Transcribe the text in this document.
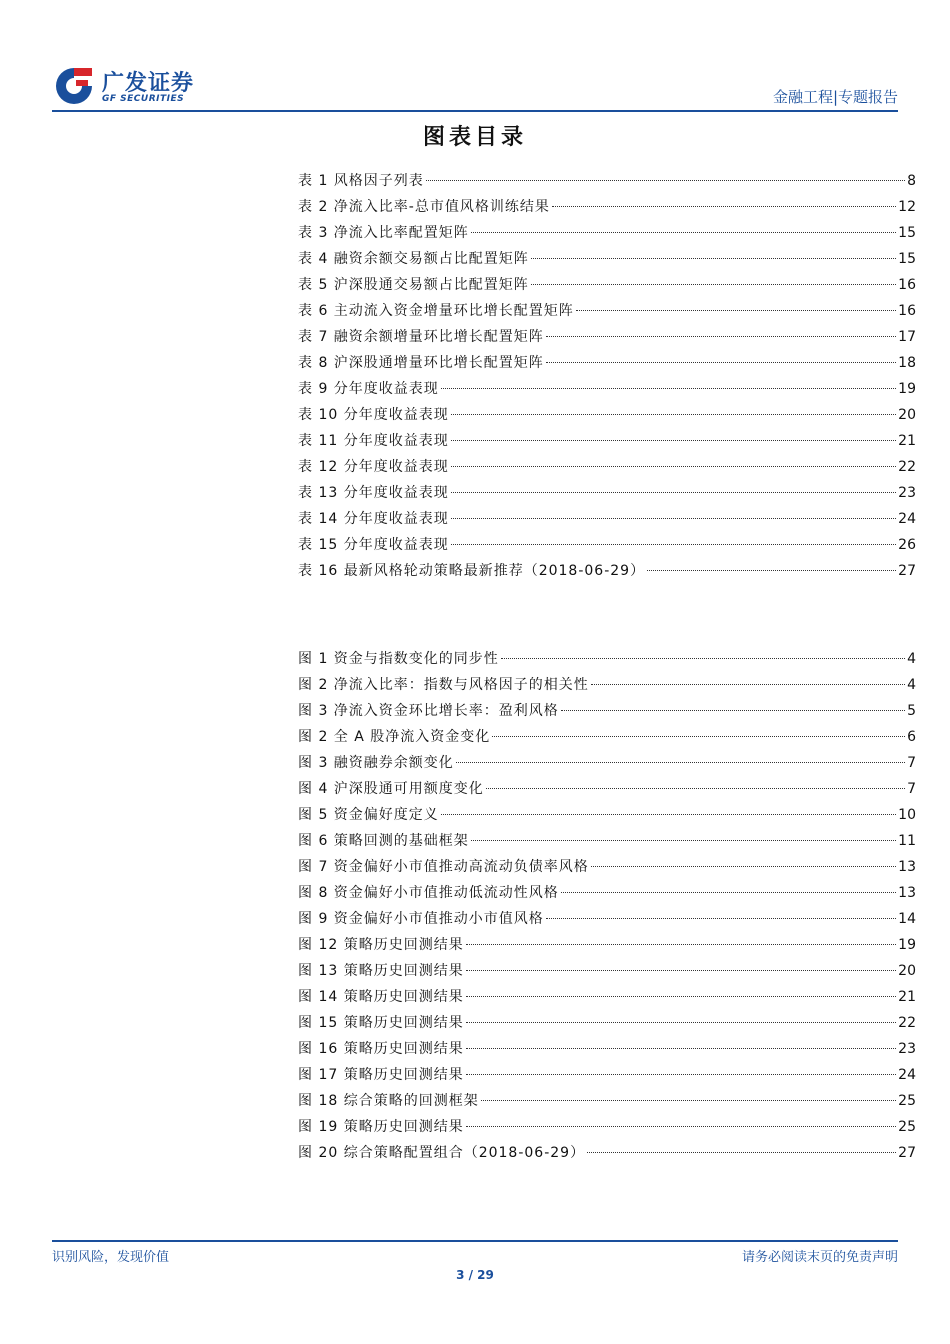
广发证券
GF SECURITIES	金融工程|专题报告
图表目录
表 1 风格因子列表	8
表 2 净流入比率-总市值风格训练结果	12
表 3 净流入比率配置矩阵	15
表 4 融资余额交易额占比配置矩阵	15
表 5 沪深股通交易额占比配置矩阵	16
表 6 主动流入资金增量环比增长配置矩阵	16
表 7 融资余额增量环比增长配置矩阵	17
表 8 沪深股通增量环比增长配置矩阵	18
表 9 分年度收益表现	19
表 10 分年度收益表现	20
表 11 分年度收益表现	21
表 12 分年度收益表现	22
表 13 分年度收益表现	23
表 14 分年度收益表现	24
表 15 分年度收益表现	26
表 16 最新风格轮动策略最新推荐（2018-06-29）	27
图 1 资金与指数变化的同步性	4
图 2 净流入比率：指数与风格因子的相关性	4
图 3 净流入资金环比增长率：盈利风格	5
图 2 全 A 股净流入资金变化	6
图 3 融资融券余额变化	7
图 4 沪深股通可用额度变化	7
图 5 资金偏好度定义	10
图 6 策略回测的基础框架	11
图 7 资金偏好小市值推动高流动负债率风格	13
图 8 资金偏好小市值推动低流动性风格	13
图 9 资金偏好小市值推动小市值风格	14
图 12 策略历史回测结果	19
图 13 策略历史回测结果	20
图 14 策略历史回测结果	21
图 15 策略历史回测结果	22
图 16 策略历史回测结果	23
图 17 策略历史回测结果	24
图 18 综合策略的回测框架	25
图 19 策略历史回测结果	25
图 20 综合策略配置组合（2018-06-29）	27
识别风险，发现价值	请务必阅读末页的免责声明
3 / 29
